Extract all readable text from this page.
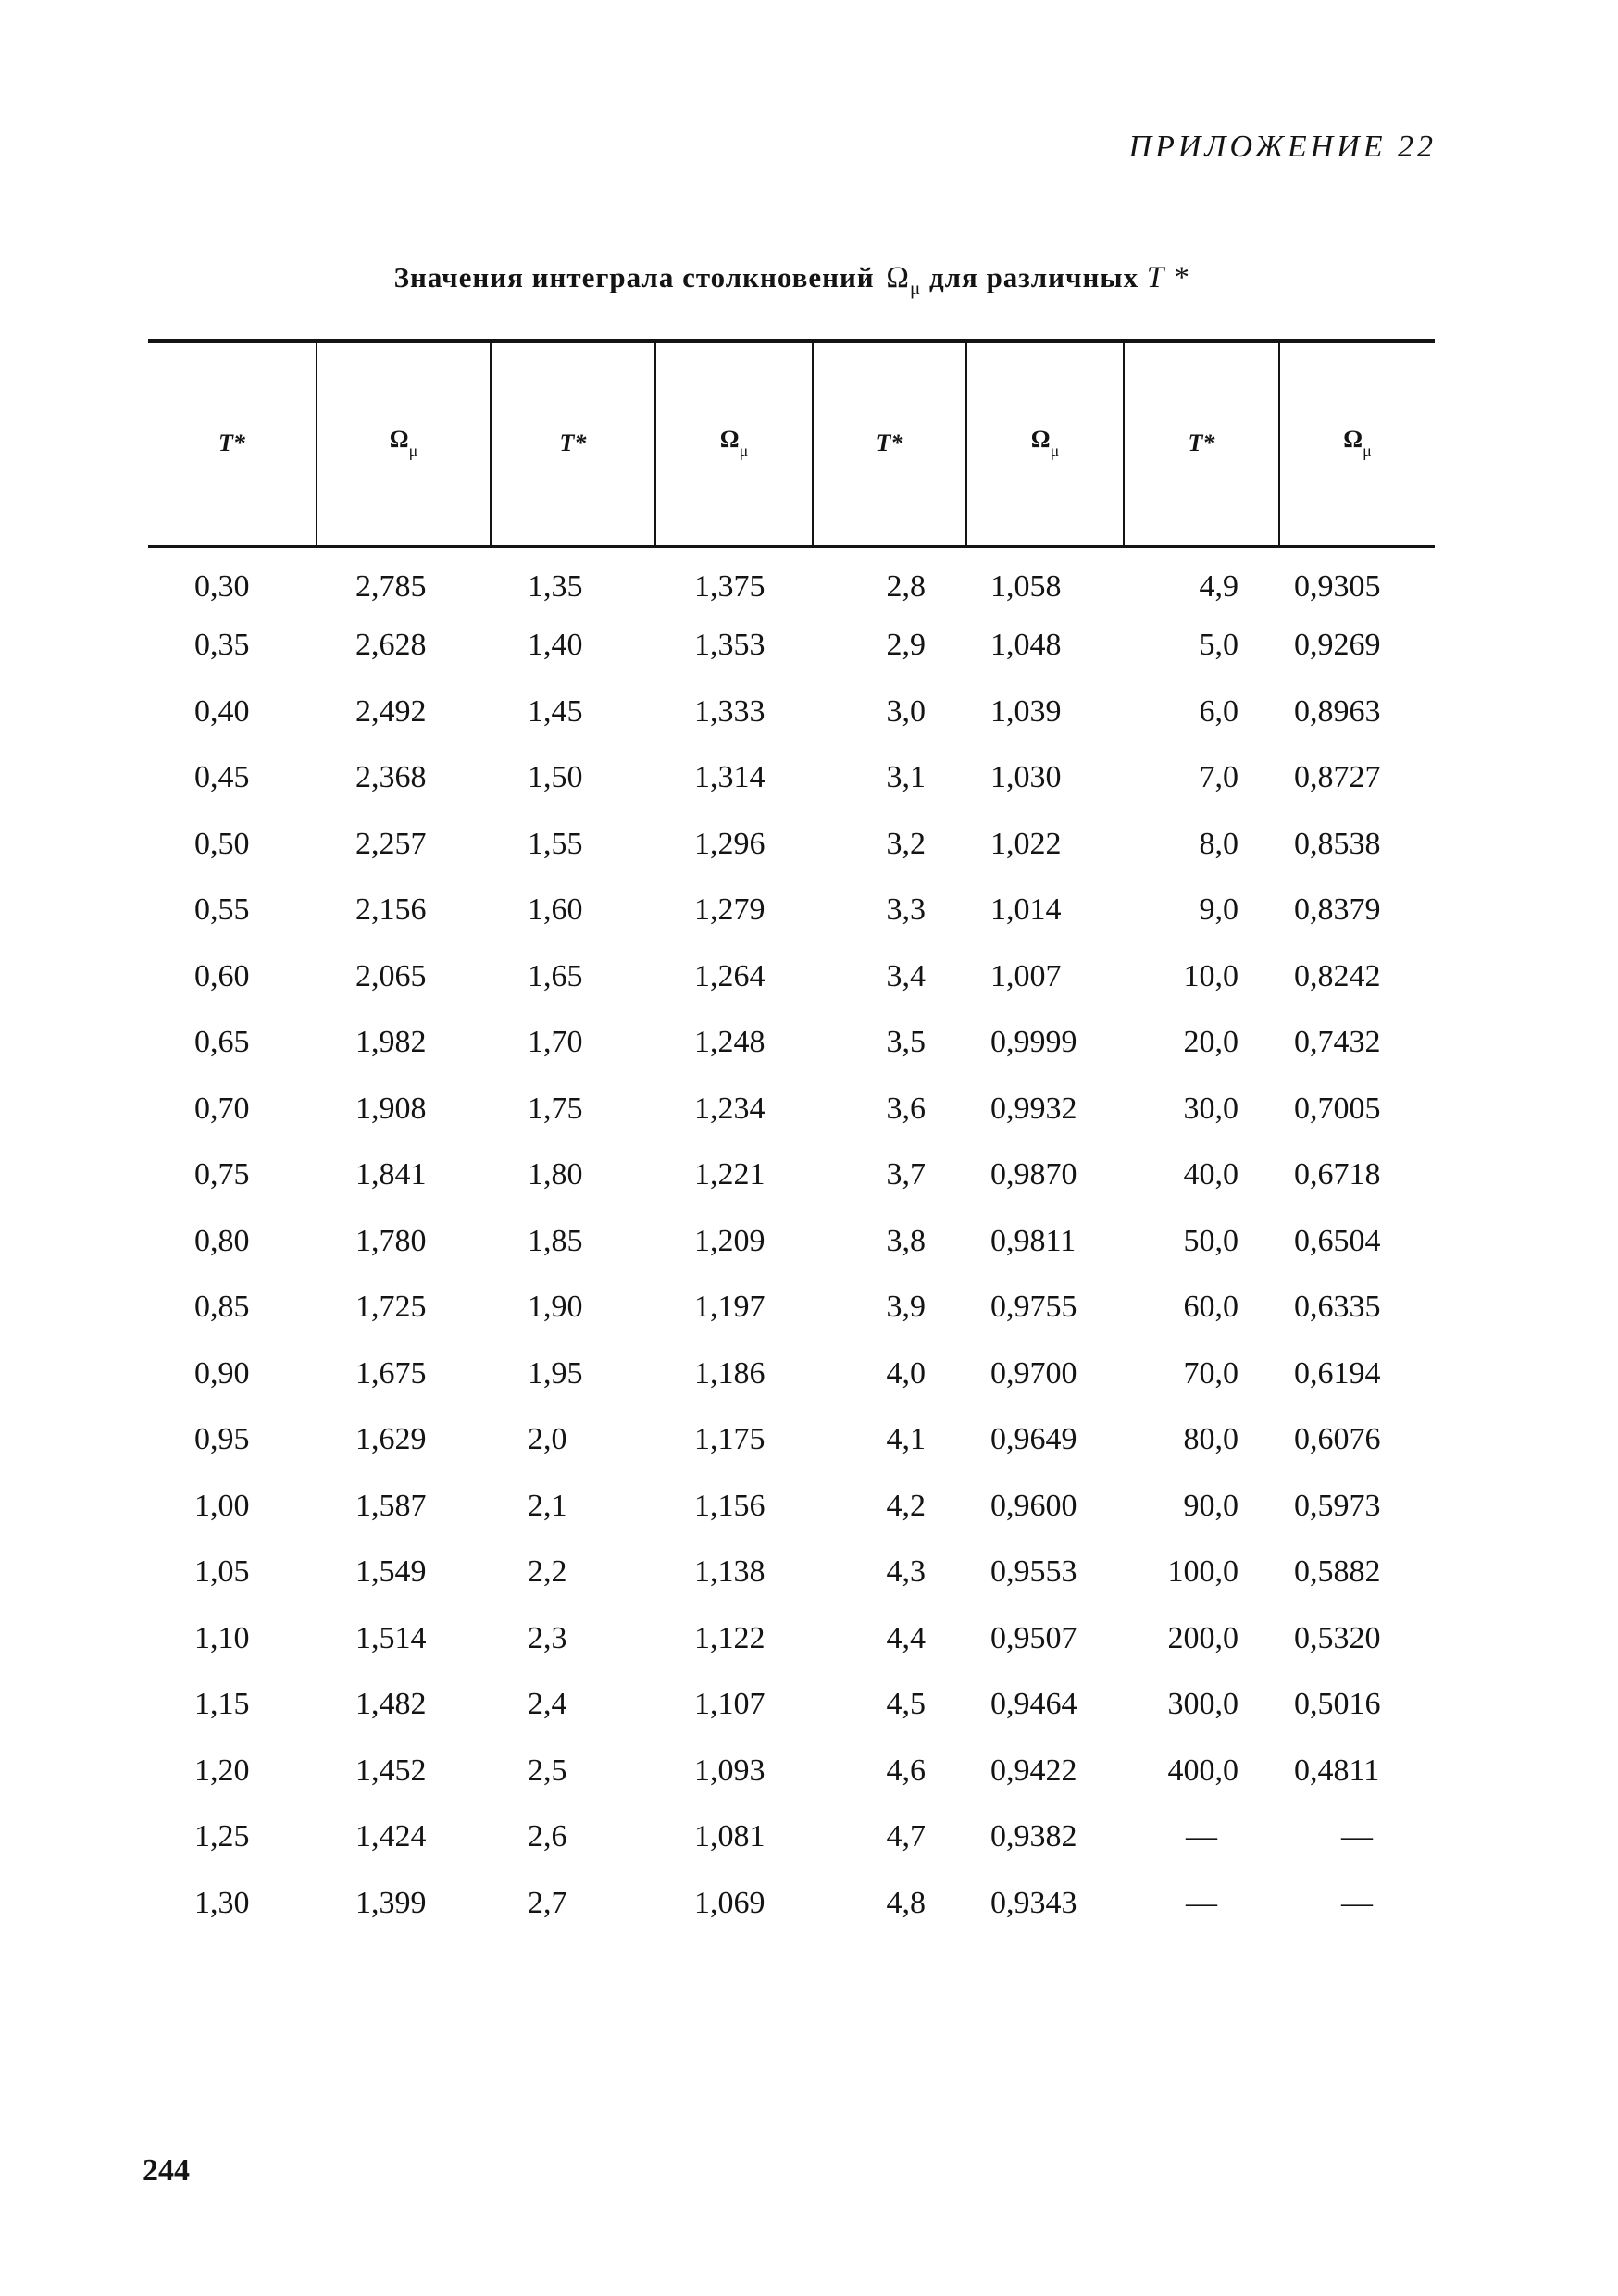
ПРИЛОЖЕНИЕ 22
Значения интеграла столкновений $\Omega_\mu$ для различных T *
T*	$\Omega_\mu$	T*	$\Omega_\mu$	T*	$\Omega_\mu$	T*	$\Omega_\mu$
0,30	2,785	1,35	1,375	2,8	1,058	4,9	0,9305
0,35	2,628	1,40	1,353	2,9	1,048	5,0	0,9269
0,40	2,492	1,45	1,333	3,0	1,039	6,0	0,8963
0,45	2,368	1,50	1,314	3,1	1,030	7,0	0,8727
0,50	2,257	1,55	1,296	3,2	1,022	8,0	0,8538
0,55	2,156	1,60	1,279	3,3	1,014	9,0	0,8379
0,60	2,065	1,65	1,264	3,4	1,007	10,0	0,8242
0,65	1,982	1,70	1,248	3,5	0,9999	20,0	0,7432
0,70	1,908	1,75	1,234	3,6	0,9932	30,0	0,7005
0,75	1,841	1,80	1,221	3,7	0,9870	40,0	0,6718
0,80	1,780	1,85	1,209	3,8	0,9811	50,0	0,6504
0,85	1,725	1,90	1,197	3,9	0,9755	60,0	0,6335
0,90	1,675	1,95	1,186	4,0	0,9700	70,0	0,6194
0,95	1,629	2,0	1,175	4,1	0,9649	80,0	0,6076
1,00	1,587	2,1	1,156	4,2	0,9600	90,0	0,5973
1,05	1,549	2,2	1,138	4,3	0,9553	100,0	0,5882
1,10	1,514	2,3	1,122	4,4	0,9507	200,0	0,5320
1,15	1,482	2,4	1,107	4,5	0,9464	300,0	0,5016
1,20	1,452	2,5	1,093	4,6	0,9422	400,0	0,4811
1,25	1,424	2,6	1,081	4,7	0,9382	—	—
1,30	1,399	2,7	1,069	4,8	0,9343	—	—
244
